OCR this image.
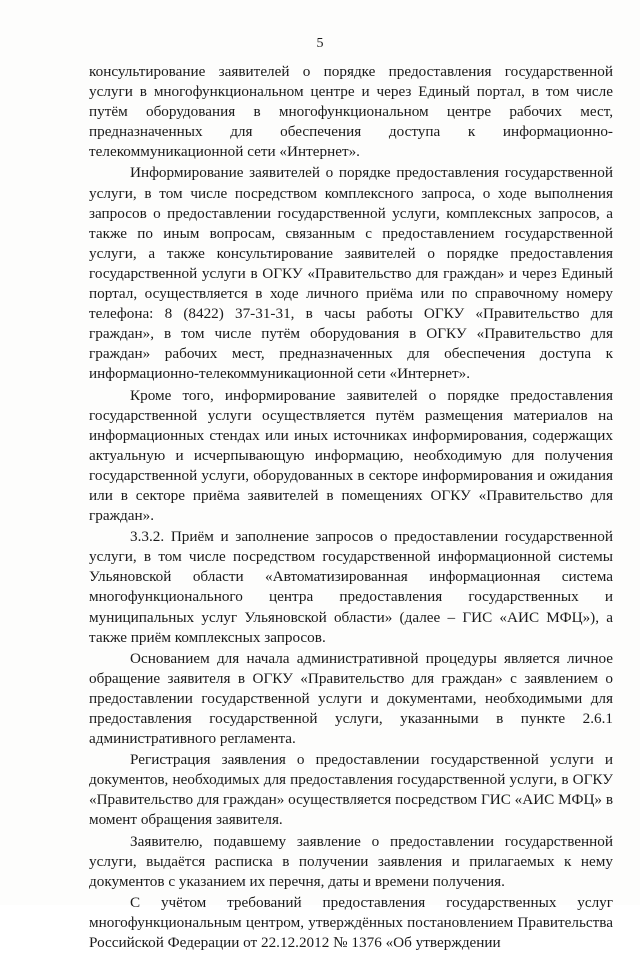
5

консультирование заявителей о порядке предоставления государственной услуги в многофункциональном центре и через Единый портал, в том числе путём оборудования в многофункциональном центре рабочих мест, предназначенных для обеспечения доступа к информационно-телекоммуникационной сети «Интернет».

Информирование заявителей о порядке предоставления государственной услуги, в том числе посредством комплексного запроса, о ходе выполнения запросов о предоставлении государственной услуги, комплексных запросов, а также по иным вопросам, связанным с предоставлением государственной услуги, а также консультирование заявителей о порядке предоставления государственной услуги в ОГКУ «Правительство для граждан» и через Единый портал, осуществляется в ходе личного приёма или по справочному номеру телефона: 8 (8422) 37-31-31, в часы работы ОГКУ «Правительство для граждан», в том числе путём оборудования в ОГКУ «Правительство для граждан» рабочих мест, предназначенных для обеспечения доступа к информационно-телекоммуникационной сети «Интернет».

Кроме того, информирование заявителей о порядке предоставления государственной услуги осуществляется путём размещения материалов на информационных стендах или иных источниках информирования, содержащих актуальную и исчерпывающую информацию, необходимую для получения государственной услуги, оборудованных в секторе информирования и ожидания или в секторе приёма заявителей в помещениях ОГКУ «Правительство для граждан».

3.3.2. Приём и заполнение запросов о предоставлении государственной услуги, в том числе посредством государственной информационной системы Ульяновской области «Автоматизированная информационная система многофункционального центра предоставления государственных и муниципальных услуг Ульяновской области» (далее – ГИС «АИС МФЦ»), а также приём комплексных запросов.

Основанием для начала административной процедуры является личное обращение заявителя в ОГКУ «Правительство для граждан» с заявлением о предоставлении государственной услуги и документами, необходимыми для предоставления государственной услуги, указанными в пункте 2.6.1 административного регламента.

Регистрация заявления о предоставлении государственной услуги и документов, необходимых для предоставления государственной услуги, в ОГКУ «Правительство для граждан» осуществляется посредством ГИС «АИС МФЦ» в момент обращения заявителя.

Заявителю, подавшему заявление о предоставлении государственной услуги, выдаётся расписка в получении заявления и прилагаемых к нему документов с указанием их перечня, даты и времени получения.

С учётом требований предоставления государственных услуг многофункциональным центром, утверждённых постановлением Правительства Российской Федерации от 22.12.2012 № 1376 «Об утверждении
